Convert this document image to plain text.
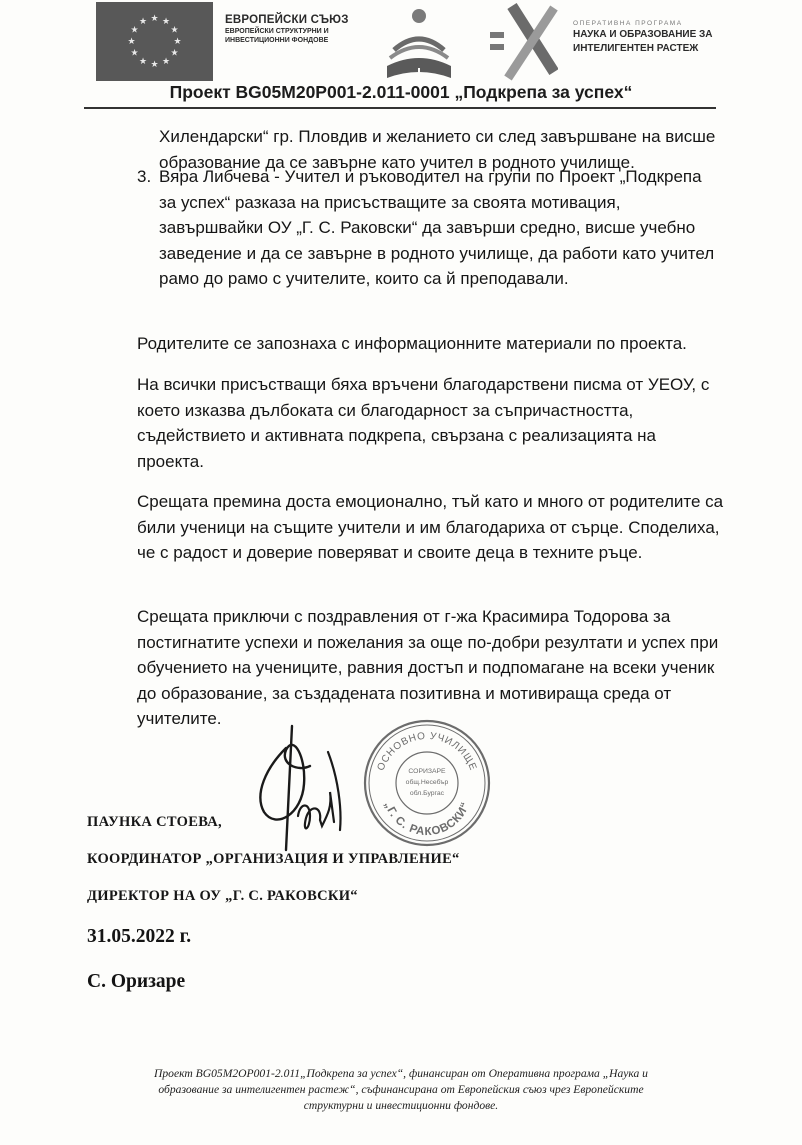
★ ★
★
★
★
★
★
★
★
★
★
★	ЕВРОПЕЙСКИ СЪЮЗ
ЕВРОПЕЙСКИ СТРУКТУРНИ И
ИНВЕСТИЦИОННИ ФОНДОВЕ
ОПЕРАТИВНА ПРОГРАМА
НАУКА И ОБРАЗОВАНИЕ ЗА
ИНТЕЛИГЕНТЕН РАСТЕЖ
Проект BG05M20P001-2.011-0001 „Подкрепа за успех“

Хилендарски“ гр. Пловдив и желанието си след завършване на висше образование да се завърне като учител в родното училище.

3. Вяра Либчева - Учител и ръководител на групи по Проект „Подкрепа за успех“ разказа на присъстващите за своята мотивация, завършвайки ОУ „Г. С. Раковски“ да завърши средно, висше учебно заведение и да се завърне в родното училище, да работи като учител рамо до рамо с учителите, които са й преподавали.

Родителите се запознаха с информационните материали по проекта.

На всички присъстващи бяха връчени благодарствени писма от УЕОУ, с което изказва дълбоката си благодарност за съпричастността, съдействието и активната подкрепа, свързана с реализацията на проекта.

Срещата премина доста емоционално, тъй като и много от родителите са били ученици на същите учители и им благодариха от сърце. Споделиха, че с радост и доверие поверяват и своите деца в техните ръце.

Срещата приключи с поздравления от г-жа Красимира Тодорова за постигнатите успехи и пожелания за още по-добри резултати и успех при обучението на учениците, равния достъп и подпомагане на всеки ученик до образование, за създадената позитивна и мотивираща среда от учителите.

ОСНОВНО УЧИЛИЩЕ
„Г. С. РАКОВСКИ“
СОРИЗАРЕ
общ.Несебър
обл.Бургас

ПАУНКА СТОЕВА,

КООРДИНАТОР „ОРГАНИЗАЦИЯ И УПРАВЛЕНИЕ“

ДИРЕКТОР НА ОУ „Г. С. РАКОВСКИ“

31.05.2022 г.

С. Оризаре

Проект BG05M2OP001-2.011„Подкрепа за успех“, финансиран от Оперативна програма „Наука и
образование за интелигентен растеж“, съфинансирана от Европейския съюз чрез Европейските
структурни и инвестиционни фондове.
